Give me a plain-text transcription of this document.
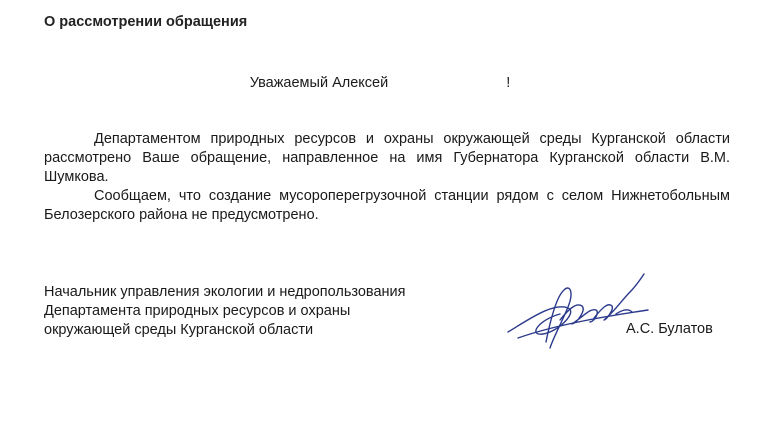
О рассмотрении обращения
Уважаемый Алексей	!

Департаментом природных ресурсов и охраны окружающей среды Курганской области рассмотрено Ваше обращение, направленное на имя Губернатора Курганской области В.М. Шумкова.

Сообщаем, что создание мусороперегрузочной станции рядом с селом Нижнетобольным Белозерского района не предусмотрено.

Начальник управления экологии и недропользования
Департамента природных ресурсов и охраны
окружающей среды Курганской области	А.С. Булатов
